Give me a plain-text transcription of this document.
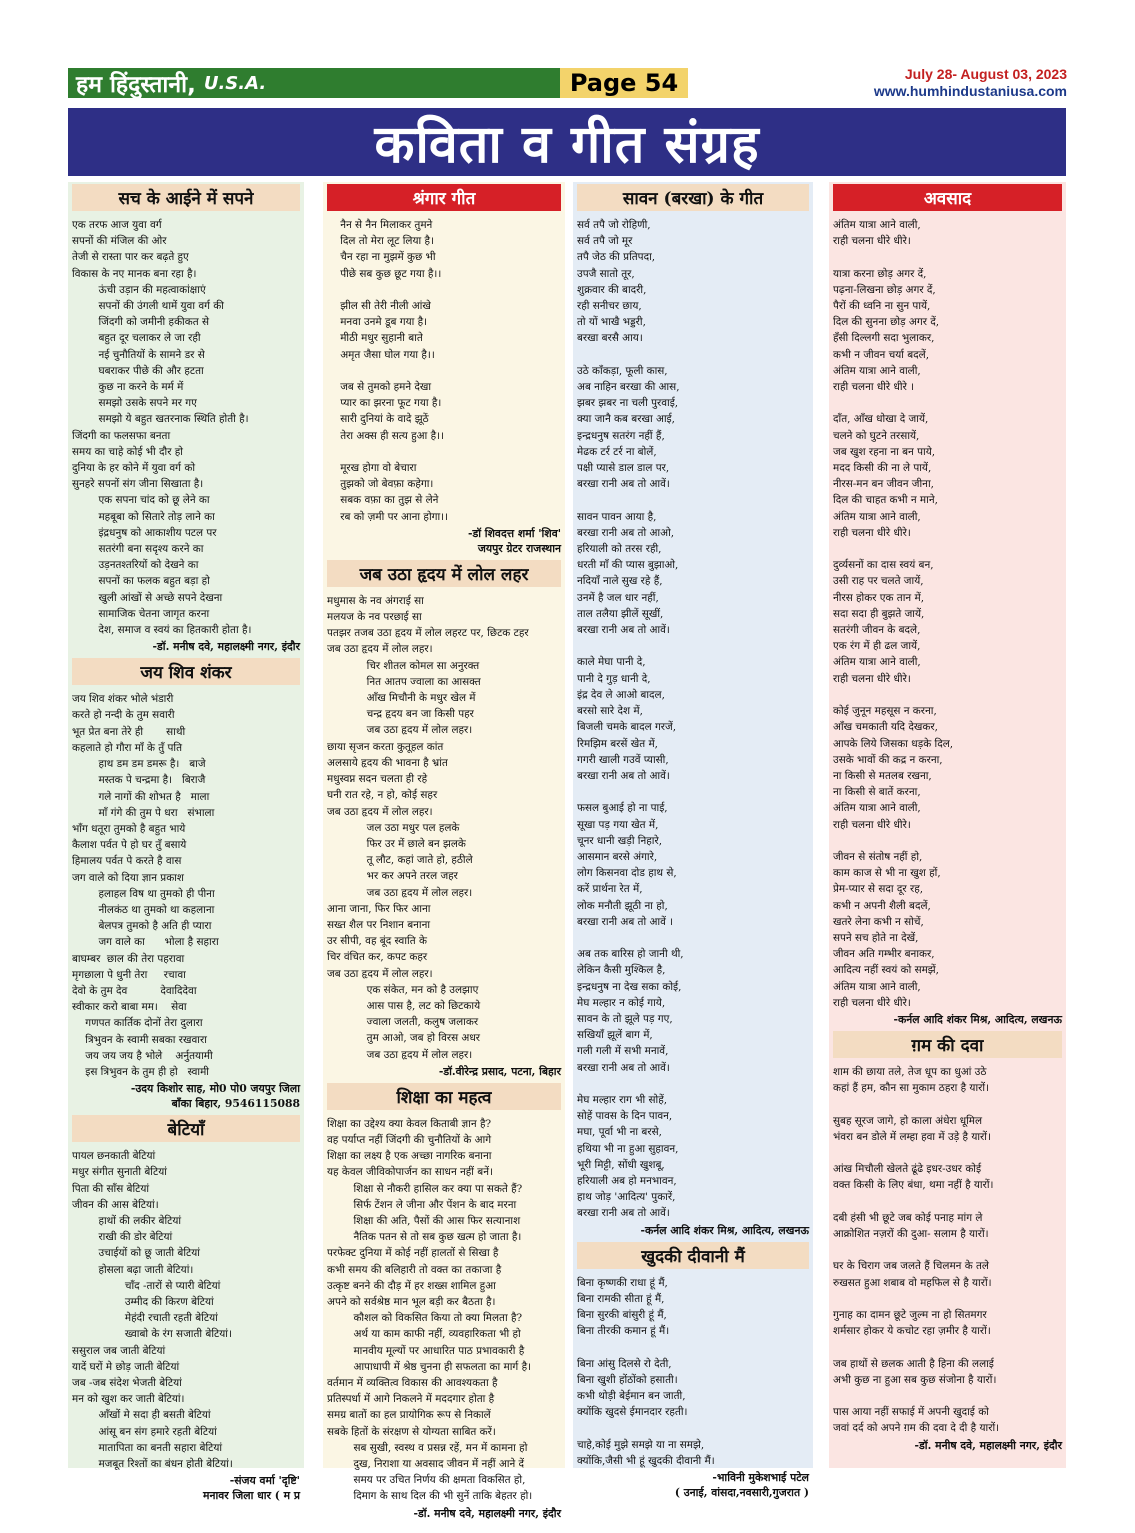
हम हिंदुस्तानी, U.S.A.	Page 54	July 28- August 03, 2023
www.humhindustaniusa.com
कविता व गीत संग्रह
सच के आईने में सपने
एक तरफ आज युवा वर्ग
सपनों की मंजिल की ओर
तेजी से रास्ता पार कर बढ़ते हुए
विकास के नए मानक बना रहा है।
ऊंची उड़ान की महत्वाकांक्षाएं
सपनों की उंगली थामें युवा वर्ग की
जिंदगी को जमीनी हकीकत से
बहुत दूर चलाकर ले जा रही
नई चुनौतियों के सामने डर से
घबराकर पीछे की और हटता
कुछ ना करने के मर्म में
समझो उसके सपने मर गए
समझो ये बहुत खतरनाक स्थिति होती है।
जिंदगी का फलसफा बनता
समय का चाहे कोई भी दौर हो
दुनिया के हर कोने में युवा वर्ग को
सुनहरे सपनों संग जीना सिखाता है।
एक सपना चांद को छू लेने का
महबूबा को सितारे तोड़ लाने का
इंद्रधनुष को आकाशीय पटल पर
सतरंगी बना सदृश्य करने का
उड़नतश्तरियों को देखने का
सपनों का फलक बहुत बड़ा हो
खुली आंखों से अच्छे सपने देखना
सामाजिक चेतना जागृत करना
देश, समाज व स्वयं का हितकारी होता है।
-डॉ. मनीष दवे, महालक्ष्मी नगर, इंदौर
जय शिव शंकर
जय शिव शंकर भोले भंडारी
करते हो नन्दी के तुम सवारी
भूत प्रेत बना तेरे ही       साथी
कहलाते हो गौरा माँ के तुँ पति
हाथ डम डम डमरू है।   बाजे
मस्तक पे चन्द्रमा है।   बिराजै
गले नागों की शोभत है   माला
माँ गंगे की तुम पे धरा   संभाला
भाँग धतूरा तुमको है बहुत भाये
कैलाश पर्वत पे हो घर तुँ बसाये
हिमालय पर्वत पे करते है वास
जग वाले को दिया ज्ञान प्रकाश
हलाहल विष था तुमको ही पीना
नीलकंठ था तुमको था कहलाना
बेलपत्र तुमको है अति ही प्यारा
जग वाले का      भोला है सहारा
बाघम्बर  छाल की तेरा पहरावा
मृगछाला पे धुनी तेरा     रचावा
देवो के तुम देव          देवादिदेवा
स्वीकार करो बाबा मम।    सेवा
गणपत कार्तिक दोनों तेरा दुलारा
त्रिभुवन के स्वामी सबका रखवारा
जय जय जय है भोले    अर्नुतयामी
इस त्रिभुवन के तुम ही हो   स्वामी
-उदय किशोर साह, मो0 पो0 जयपुर जिला
बाँका बिहार, 9546115088
बेटियाँ
पायल छनकाती बेटियां
मधुर संगीत सुनाती बेटियां
पिता की साँस बेटियां
जीवन की आस बेटियां।
हाथों की लकीर बेटियां
राखी की डोर बेटियां
उचाईयों को छू जाती बेटियां
होसला बढ़ा जाती बेटियां।
चाँद -तारों से प्यारी बेटियां
उम्मीद की किरण बेटियां
मेहंदी रचाती रहती बेटियां
ख्वाबो के रंग सजाती बेटियां।
ससुराल जब जाती बेटियां
यादें घरों मे छोड़ जाती बेटियां
जब -जब संदेश भेजती बेटियां
मन को खुश कर जाती बेटियां।
आँखों मे सदा ही बसती बेटियां
आंसू बन संग हमारे रहती बेटियां
मातापिता का बनती सहारा बेटियां
मजबूत रिश्तों का बंधन होती बेटियां।
-संजय वर्मा 'दृष्टि'
मनावर जिला धार ( म प्र
श्रंगार गीत
नैन से नैन मिलाकर तुमने
दिल तो मेरा लूट लिया है।
चैन रहा ना मुझमें कुछ भी
पीछे सब कुछ छूट गया है।।

झील सी तेरी नीली आंखे
मनवा उनमे डूब गया है।
मीठी मधुर सुहानी बाते
अमृत जैसा घोल गया है।।

जब से तुमको हमने देखा
प्यार का झरना फूट गया है।
सारी दुनियां के वादे झूठें
तेरा अक्स ही सत्य हुआ है।।

मूरख होगा वो बेचारा
तुझको जो बेवफ़ा कहेगा।
सबक वफ़ा का तुझ से लेने
रब को ज़मी पर आना होगा।।
-डॉ शिवदत्त शर्मा 'शिव'
जयपुर ग्रेटर राजस्थान
जब उठा हृदय में लोल लहर
मधुमास के नव अंगराई सा
मलयज के नव परछाई सा
पतझर तजब उठा हृदय में लोल लहरट पर, छिटक टहर
जब उठा हृदय में लोल लहर।
चिर शीतल कोमल सा अनुरक्त
नित आतप ज्वाला का आसक्त
आँख मिचौनी के मधुर खेल में
चन्द्र हृदय बन जा किसी पहर
जब उठा हृदय में लोल लहर।
छाया सृजन करता कुतूहल कांत
अलसाये हृदय की भावना है भ्रांत
मधुस्वप्न सदन चलता ही रहे
घनी रात रहे, न हो, कोई सहर
जब उठा हृदय में लोल लहर।
जल उठा मधुर पल हलके
फिर उर में छाले बन झलके
तू लौट, कहां जाते हो, हठीले
भर कर अपने तरल जहर
जब उठा हृदय में लोल लहर।
आना जाना, फिर फिर आना
सख्त शैल पर निशान बनाना
उर सीपी, वह बूंद स्वाति के
चिर वंचित कर, कपट कहर
जब उठा हृदय में लोल लहर।
एक संकेत, मन को है उलझाए
आस पास है, लट को छिटकाये
ज्वाला जलती, कलुष जलाकर
तुम आओ, जब हो विरस अधर
जब उठा हृदय में लोल लहर।
-डॉ.वीरेन्द्र प्रसाद, पटना, बिहार
शिक्षा का महत्व
शिक्षा का उद्देश्य क्या केवल किताबी ज्ञान है?
वह पर्याप्त नहीं जिंदगी की चुनौतियों के आगे
शिक्षा का लक्ष्य है एक अच्छा नागरिक बनाना
यह केवल जीविकोपार्जन का साधन नहीं बनें।
शिक्षा से नौकरी हासिल कर क्या पा सकते हैं?
सिर्फ टेंशन ले जीना और पेंशन के बाद मरना
शिक्षा की अति, पैसों की आस फिर सत्यानाश
नैतिक पतन से तो सब कुछ खत्म हो जाता है।
परफेक्ट दुनिया में कोई नहीं हालतों से सिखा है
कभी समय की बलिहारी तो वक्त का तकाजा है
उत्कृष्ट बनने की दौड़ में हर शख्स शामिल हुआ
अपने को सर्वश्रेष्ठ मान भूल बड़ी कर बैठता है।
कौशल को विकसित किया तो क्या मिलता है?
अर्थ या काम काफी नहीं, व्यवहारिकता भी हो
मानवीय मूल्यों पर आधारित पाठ प्रभावकारी है
आपाधापी में श्रेष्ठ चुनना ही सफलता का मार्ग है।
वर्तमान में व्यक्तित्व विकास की आवश्यकता है
प्रतिस्पर्धा में आगे निकलने में मददगार होता है
समग्र बातों का हल प्रायोगिक रूप से निकालें
सबके हितों के संरक्षण से योग्यता साबित करें।
सब सुखी, स्वस्थ व प्रसन्न रहें, मन में कामना हो
दुख, निराशा या अवसाद जीवन में नहीं आने दें
समय पर उचित निर्णय की क्षमता विकसित हो,
दिमाग के साथ दिल की भी सुनें ताकि बेहतर हो।
-डॉ. मनीष दवे, महालक्ष्मी नगर, इंदौर
सावन (बरखा) के गीत
सर्व तपै जो रोहिणी,
सर्व तपै जो मूर
तपै जेठ की प्रतिपदा,
उपजै सातो तूर,
शुक्रवार की बादरी,
रही सनीचर छाय,
तो यों भाखै भड्डरी,
बरखा बरसै आय।

उठे काँकड़ा, फूली कास,
अब नाहिन बरखा की आस,
झबर झबर ना चली पुरवाई,
क्या जानै कब बरखा आई,
इन्द्रधनुष सतरंग नहीं हैं,
मेढक टर्र टर्र ना बोलें,
पक्षी प्यासे डाल डाल पर,
बरखा रानी अब तो आवें।

सावन पावन आया है,
बरखा रानी अब तो आओ,
हरियाली को तरस रही,
धरती माँ की प्यास बुझाओ,
नदियाँ नाले सुख रहे हैं,
उनमें है जल धार नहीं,
ताल तलैया झीलें सूखीं,
बरखा रानी अब तो आवें।

काले मेघा पानी दे,
पानी दे गुड़ धानी दे,
इंद्र देव ले आओ बादल,
बरसो सारे देश में,
बिजली चमके बादल गरजें,
रिमझिम बरसें खेत में,
गगरी खाली गउवें प्यासी,
बरखा रानी अब तो आवें।

फसल बुआई हो ना पाई,
सूखा पड़ गया खेत में,
चूनर धानी खड़ी निहारे,
आसमान बरसे अंगारे,
लोग किसनवा दोड हाथ से,
करें प्रार्थना रेत में,
लोक मनौती झूठी ना हो,
बरखा रानी अब तो आवें ।

अब तक बारिस हो जानी थी,
लेकिन कैसी मुश्किल है,
इन्द्रधनुष ना देख सका कोई,
मेघ मल्हार न कोई गाये,
सावन के तो झूले पड़ गए,
सखियाँ झूलें बाग में,
गली गली में सभी मनावें,
बरखा रानी अब तो आवें।

मेघ मल्हार राग भी सोहें,
सोहें पावस के दिन पावन,
मघा, पूर्वा भी ना बरसे,
हथिया भी ना हुआ सुहावन,
भूरी मिट्टी, सोंधी खुशबू,
हरियाली अब हो मनभावन,
हाथ जोड़ 'आदित्य' पुकारें,
बरखा रानी अब तो आवें।
-कर्नल आदि शंकर मिश्र, आदित्य, लखनऊ
खुदकी दीवानी मैं
बिना कृष्णकी राधा हूं मैं,
बिना रामकी सीता हूं मैं,
बिना सुरकी बांसुरी हूं मैं,
बिना तीरकी कमान हूं मैं।

बिना आंसु दिलसे रो देती,
बिना खुशी होंठोंको हसाती।
कभी थोड़ी बेईमान बन जाती,
क्योंकि खुदसे ईमानदार रहती।

चाहे,कोई मुझे समझे या ना समझे,
क्योंकि,जैसी भी हूं खुदकी दीवानी मैं।
-भाविनी मुकेशभाई पटेल
( उनाई, वांसदा,नवसारी,गुजरात )
अवसाद
अंतिम यात्रा आने वाली,
राही चलना धीरे धीरे।

यात्रा करना छोड़ अगर दें,
पढ़ना-लिखना छोड़ अगर दें,
पैरों की ध्वनि ना सुन पायें,
दिल की सुनना छोड़ अगर दें,
हँसी दिल्लगी सदा भुलाकर,
कभी न जीवन चर्या बदलें,
अंतिम यात्रा आने वाली,
राही चलना धीरे धीरे ।

दाँत, आँख धोखा दे जायें,
चलने को घुटने तरसायें,
जब खुश रहना ना बन पाये,
मदद किसी की ना ले पायें,
नीरस-मन बन जीवन जीना,
दिल की चाहत कभी न माने,
अंतिम यात्रा आने वाली,
राही चलना धीरे धीरे।

दुर्व्यसनों का दास स्वयं बन,
उसी राह पर चलते जायें,
नीरस होकर एक तान में,
सदा सदा ही बुझते जायें,
सतरंगी जीवन के बदले,
एक रंग में ही ढल जायें,
अंतिम यात्रा आने वाली,
राही चलना धीरे धीरे।

कोई जुनून महसूस न करना,
आँख चमकाती यदि देखकर,
आपके लिये जिसका धड़के दिल,
उसके भावों की कद्र न करना,
ना किसी से मतलब रखना,
ना किसी से बातें करना,
अंतिम यात्रा आने वाली,
राही चलना धीरे धीरे।

जीवन से संतोष नहीं हो,
काम काज से भी ना खुश हों,
प्रेम-प्यार से सदा दूर रह,
कभी न अपनी शैली बदलें,
खतरे लेना कभी न सोचें,
सपने सच होते ना देखें,
जीवन अति गम्भीर बनाकर,
आदित्य नहीं स्वयं को समझें,
अंतिम यात्रा आने वाली,
राही चलना धीरे धीरे।
-कर्नल आदि शंकर मिश्र, आदित्य, लखनऊ
ग़म की दवा
शाम की छाया तले, तेज धूप का धुआं उठे
कहां हैं हम, कौन सा मुकाम ठहरा है यारों।

सुबह सूरज जागे, हो काला अंधेरा धूमिल
भंवरा बन डोले में लम्हा हवा में उड़े है यारों।

आंख मिचौली खेलते ढूंढे इधर-उधर कोई
वक्त किसी के लिए बंधा, थमा नहीं है यारों।

दबी हंसी भी छूटे जब कोई पनाह मांग ले
आक्रोशित नज़रों की दुआ- सलाम है यारों।

घर के चिराग जब जलते हैं चिलमन के तले
रुखसत हुआ शबाब वो महफिल से है यारों।

गुनाह का दामन छूटे जुल्म ना हो सितमगर
शर्मसार होकर ये कचोट रहा ज़मीर है यारों।

जब हाथों से छलक आती है हिना की ललाई
अभी कुछ ना हुआ सब कुछ संजोना है यारों।

पास आया नहीं सफाई में अपनी खुदाई को
जवां दर्द को अपने ग़म की दवा दे दी है यारों।
-डॉ. मनीष दवे, महालक्ष्मी नगर, इंदौर
